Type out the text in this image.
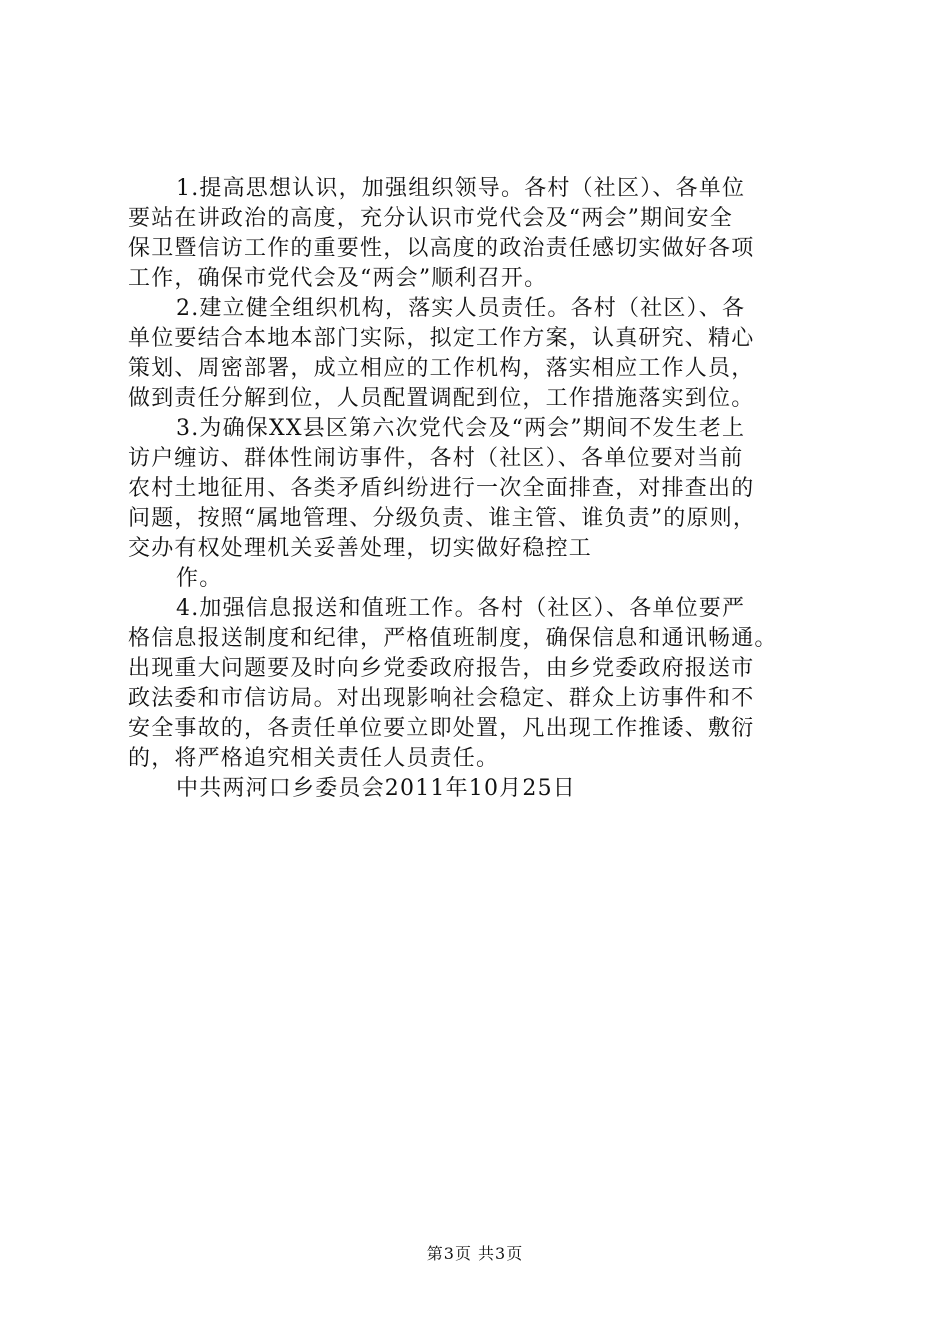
1.提高思想认识，加强组织领导。各村（社区）、各单位
要站在讲政治的高度，充分认识市党代会及“两会”期间安全
保卫暨信访工作的重要性，以高度的政治责任感切实做好各项
工作，确保市党代会及“两会”顺利召开。
2.建立健全组织机构，落实人员责任。各村（社区）、各
单位要结合本地本部门实际，拟定工作方案，认真研究、精心
策划、周密部署，成立相应的工作机构，落实相应工作人员，
做到责任分解到位，人员配置调配到位，工作措施落实到位。
3.为确保XX县区第六次党代会及“两会”期间不发生老上
访户缠访、群体性闹访事件，各村（社区）、各单位要对当前
农村土地征用、各类矛盾纠纷进行一次全面排查，对排查出的
问题，按照“属地管理、分级负责、谁主管、谁负责”的原则，
交办有权处理机关妥善处理，切实做好稳控工
作。
4.加强信息报送和值班工作。各村（社区）、各单位要严
格信息报送制度和纪律，严格值班制度，确保信息和通讯畅通。
出现重大问题要及时向乡党委政府报告，由乡党委政府报送市
政法委和市信访局。对出现影响社会稳定、群众上访事件和不
安全事故的，各责任单位要立即处置，凡出现工作推诿、敷衍
的，将严格追究相关责任人员责任。
中共两河口乡委员会2011年10月25日
第3页 共3页
